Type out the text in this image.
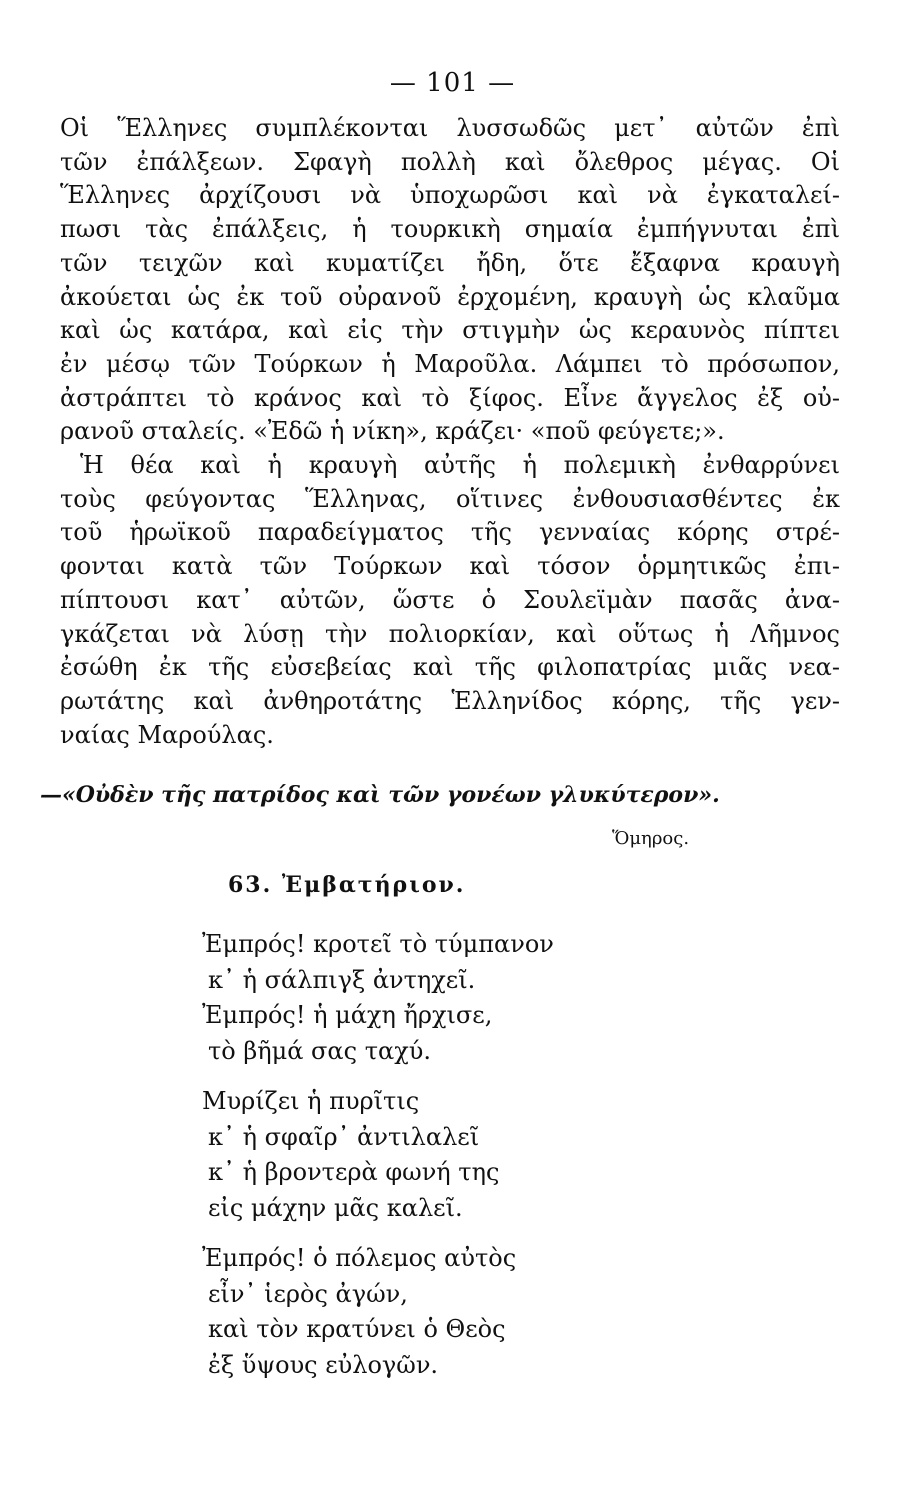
— 101 —
Οἱ Ἕλληνες συμπλέκονται λυσσωδῶς μετ᾽ αὐτῶν ἐπὶ
τῶν ἐπάλξεων. Σφαγὴ πολλὴ καὶ ὄλεθρος μέγας. Οἱ
Ἕλληνες ἀρχίζουσι νὰ ὑποχωρῶσι καὶ νὰ ἐγκαταλεί-
πωσι τὰς ἐπάλξεις, ἡ τουρκικὴ σημαία ἐμπήγνυται ἐπὶ
τῶν τειχῶν καὶ κυματίζει ἤδη, ὅτε ἔξαφνα κραυγὴ
ἀκούεται ὡς ἐκ τοῦ οὐρανοῦ ἐρχομένη, κραυγὴ ὡς κλαῦμα
καὶ ὡς κατάρα, καὶ εἰς τὴν στιγμὴν ὡς κεραυνὸς πίπτει
ἐν μέσῳ τῶν Τούρκων ἡ Μαροῦλα. Λάμπει τὸ πρόσωπον,
ἀστράπτει τὸ κράνος καὶ τὸ ξίφος. Εἶνε ἄγγελος ἐξ οὐ-
ρανοῦ σταλείς. «Ἐδῶ ἡ νίκη», κράζει· «ποῦ φεύγετε;».
Ἡ θέα καὶ ἡ κραυγὴ αὐτῆς ἡ πολεμικὴ ἐνθαρρύνει
τοὺς φεύγοντας Ἕλληνας, οἵτινες ἐνθουσιασθέντες ἐκ
τοῦ ἡρωϊκοῦ παραδείγματος τῆς γενναίας κόρης στρέ-
φονται κατὰ τῶν Τούρκων καὶ τόσον ὁρμητικῶς ἐπι-
πίπτουσι κατ᾽ αὐτῶν, ὥστε ὁ Σουλεϊμὰν πασᾶς ἀνα-
γκάζεται νὰ λύσῃ τὴν πολιορκίαν, καὶ οὕτως ἡ Λῆμνος
ἐσώθη ἐκ τῆς εὐσεβείας καὶ τῆς φιλοπατρίας μιᾶς νεα-
ρωτάτης καὶ ἀνθηροτάτης Ἑλληνίδος κόρης, τῆς γεν-
ναίας Μαρούλας.
—«Οὐδὲν τῆς πατρίδος καὶ τῶν γονέων γλυκύτερον».
Ὅμηρος.
63. Ἐμβατήριον.
Ἐμπρός! κροτεῖ τὸ τύμπανον
κ᾽ ἡ σάλπιγξ ἀντηχεῖ.
Ἐμπρός! ἡ μάχη ἤρχισε,
τὸ βῆμά σας ταχύ.
Μυρίζει ἡ πυρῖτις
κ᾽ ἡ σφαῖρ᾽ ἀντιλαλεῖ
κ᾽ ἡ βροντερὰ φωνή της
εἰς μάχην μᾶς καλεῖ.
Ἐμπρός! ὁ πόλεμος αὐτὸς
εἶν᾽ ἱερὸς ἀγών,
καὶ τὸν κρατύνει ὁ Θεὸς
ἐξ ὕψους εὐλογῶν.
